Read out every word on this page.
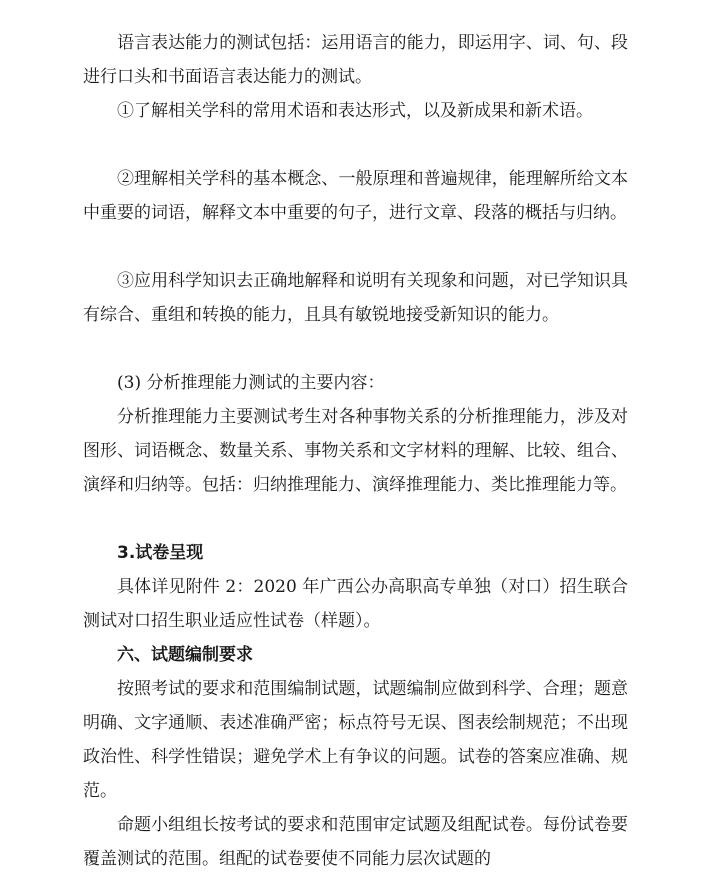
语言表达能力的测试包括：运用语言的能力，即运用字、词、句、段进行口头和书面语言表达能力的测试。

①了解相关学科的常用术语和表达形式，以及新成果和新术语。

②理解相关学科的基本概念、一般原理和普遍规律，能理解所给文本中重要的词语，解释文本中重要的句子，进行文章、段落的概括与归纳。

③应用科学知识去正确地解释和说明有关现象和问题，对已学知识具有综合、重组和转换的能力，且具有敏锐地接受新知识的能力。

(3) 分析推理能力测试的主要内容：

分析推理能力主要测试考生对各种事物关系的分析推理能力，涉及对图形、词语概念、数量关系、事物关系和文字材料的理解、比较、组合、演绎和归纳等。包括：归纳推理能力、演绎推理能力、类比推理能力等。

3.试卷呈现

具体详见附件 2：2020 年广西公办高职高专单独（对口）招生联合测试对口招生职业适应性试卷（样题）。

六、试题编制要求

按照考试的要求和范围编制试题，试题编制应做到科学、合理；题意明确、文字通顺、表述准确严密；标点符号无误、图表绘制规范；不出现政治性、科学性错误；避免学术上有争议的问题。试卷的答案应准确、规范。

命题小组组长按考试的要求和范围审定试题及组配试卷。每份试卷要覆盖测试的范围。组配的试卷要使不同能力层次试题的
